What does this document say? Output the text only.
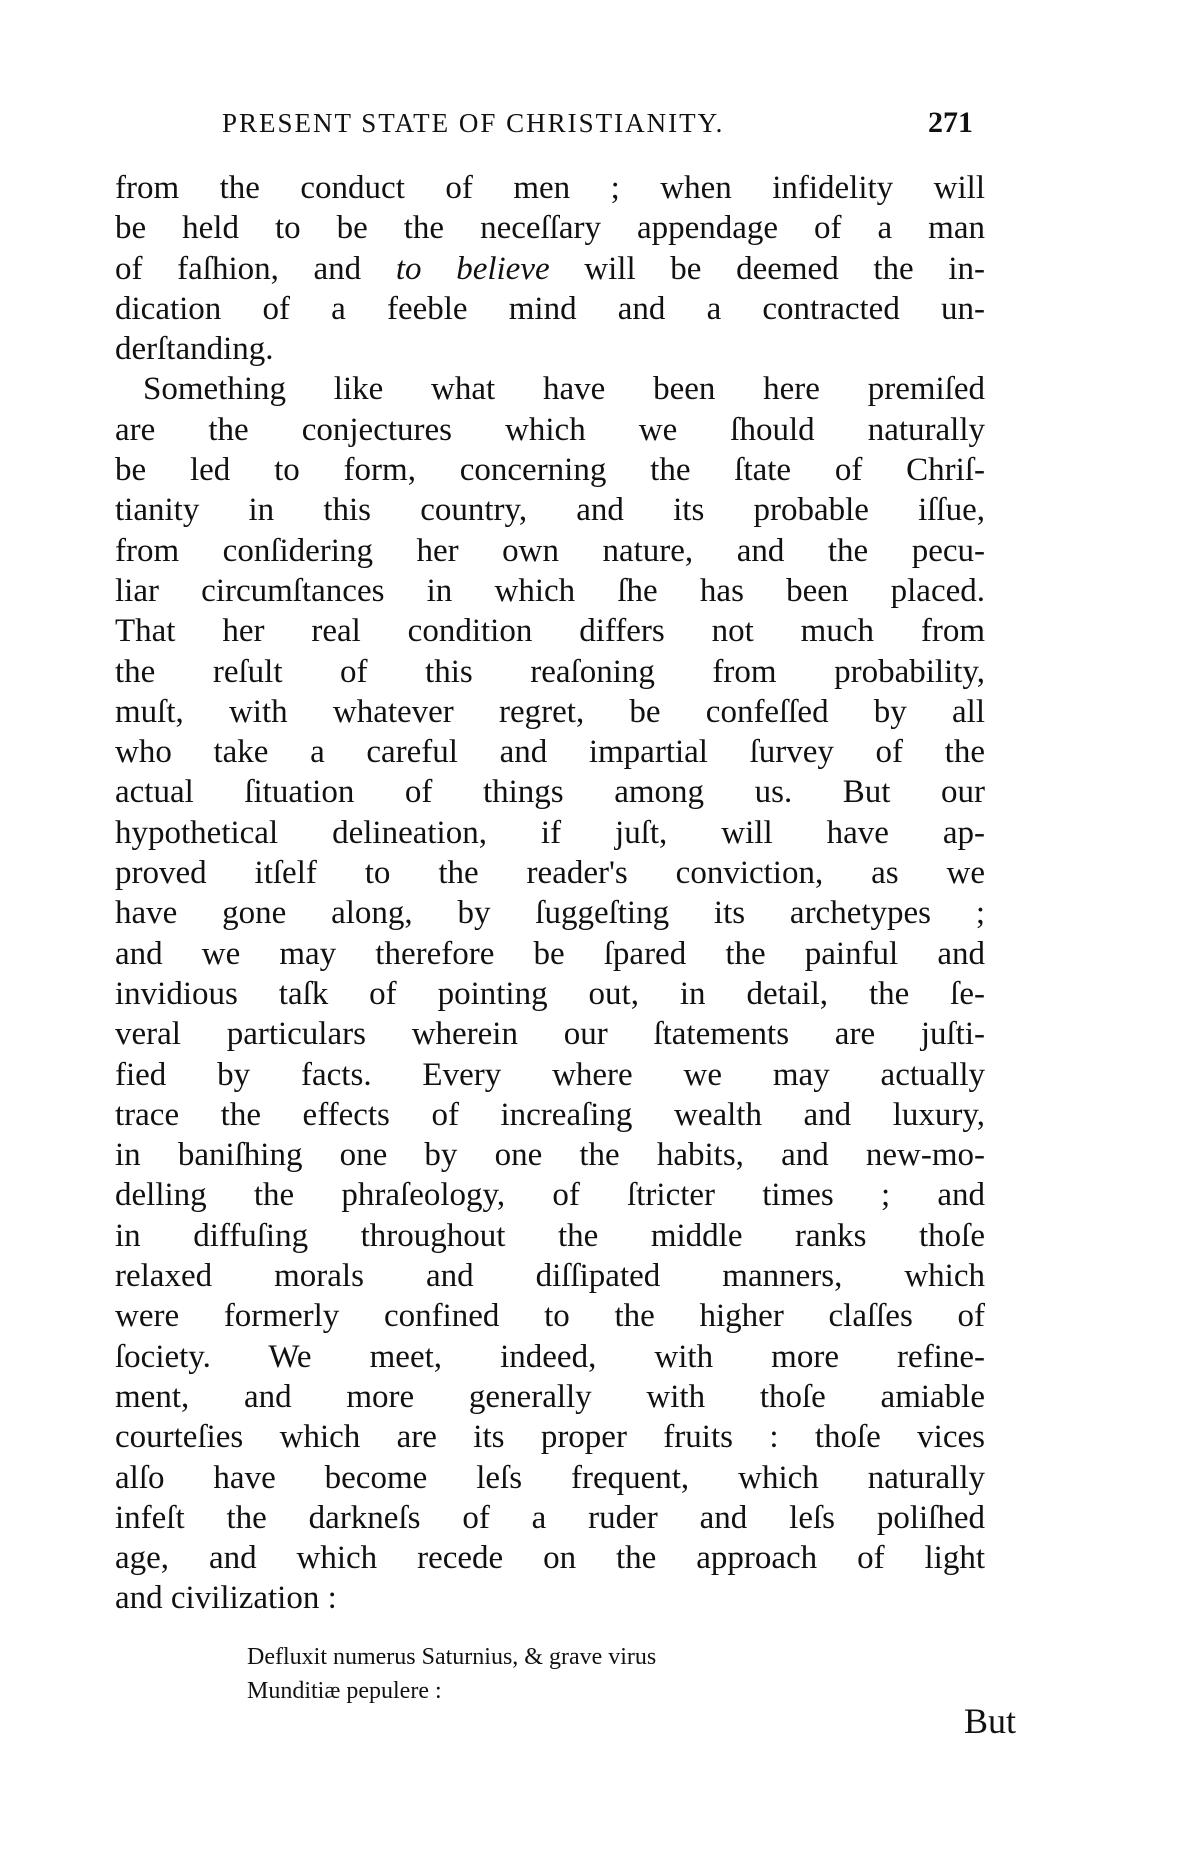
PRESENT STATE OF CHRISTIANITY.	271
from the conduct of men ; when infidelity will
be held to be the neceſſary appendage of a man
of faſhion, and to believe will be deemed the in-
dication of a feeble mind and a contracted un-
derſtanding.
Something like what have been here premiſed
are the conjectures which we ſhould naturally
be led to form, concerning the ſtate of Chriſ-
tianity in this country, and its probable iſſue,
from conſidering her own nature, and the pecu-
liar circumſtances in which ſhe has been placed.
That her real condition differs not much from
the reſult of this reaſoning from probability,
muſt, with whatever regret, be confeſſed by all
who take a careful and impartial ſurvey of the
actual ſituation of things among us. But our
hypothetical delineation, if juſt, will have ap-
proved itſelf to the reader's conviction, as we
have gone along, by ſuggeſting its archetypes ;
and we may therefore be ſpared the painful and
invidious taſk of pointing out, in detail, the ſe-
veral particulars wherein our ſtatements are juſti-
fied by facts. Every where we may actually
trace the effects of increaſing wealth and luxury,
in baniſhing one by one the habits, and new-mo-
delling the phraſeology, of ſtricter times ; and
in diffuſing throughout the middle ranks thoſe
relaxed morals and diſſipated manners, which
were formerly confined to the higher claſſes of
ſociety. We meet, indeed, with more refine-
ment, and more generally with thoſe amiable
courteſies which are its proper fruits : thoſe vices
alſo have become leſs frequent, which naturally
infeſt the darkneſs of a ruder and leſs poliſhed
age, and which recede on the approach of light
and civilization :
Defluxit numerus Saturnius, & grave virus
Munditiæ pepulere :
But
